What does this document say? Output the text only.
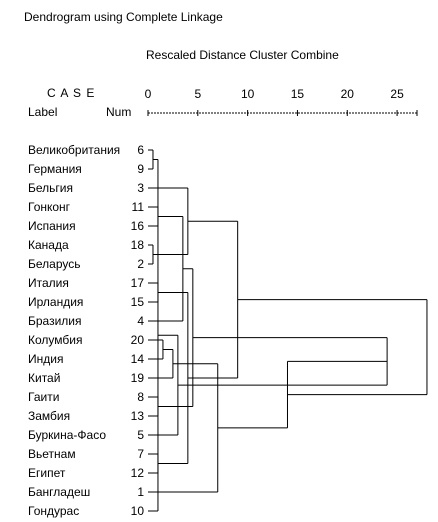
Dendrogram using Complete Linkage
Rescaled Distance Cluster Combine
C A S E
Label	Num
0	5	10	15	20	25
Великобритания	6
Германия	9
Бельгия	3
Гонконг	11
Испания	16
Канада	18
Беларусь	2
Италия	17
Ирландия	15
Бразилия	4
Колумбия	20
Индия	14
Китай	19
Гаити	8
Замбия	13
Буркина-Фасо	5
Вьетнам	7
Египет	12
Бангладеш	1
Гондурас	10
